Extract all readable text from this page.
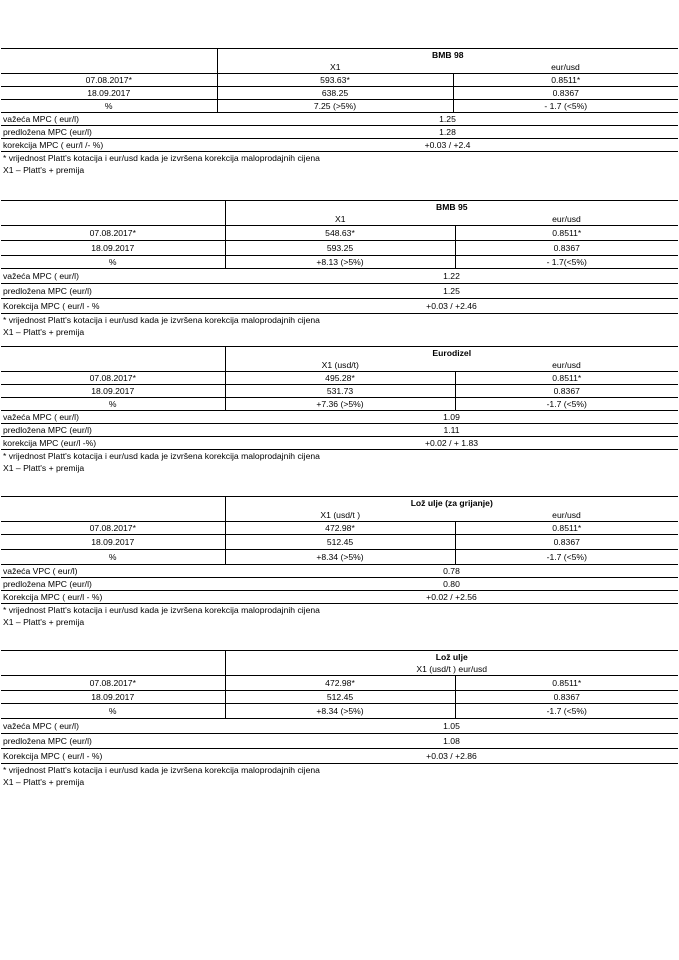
	BMB 98	
	X1	eur/usd
07.08.2017*	593.63*	0.8511*
18.09.2017	638.25	0.8367
%	7.25 (>5%)	- 1.7 (<5%)
važeća MPC ( eur/l)	1.25
predložena MPC (eur/l)	1.28
korekcija MPC ( eur/l /- %)	+0.03 / +2.4
* vrijednost Platt's kotacija i eur/usd kada je izvršena korekcija maloprodajnih cijena
X1 – Platt's + premija
	BMB 95	
	X1	eur/usd
07.08.2017*	548.63*	0.8511*
18.09.2017	593.25	0.8367
%	+8.13 (>5%)	- 1.7(<5%)
važeća MPC ( eur/l)	1.22
predložena MPC (eur/l)	1.25
Korekcija MPC ( eur/l - %	+0.03 / +2.46
* vrijednost Platt's kotacija i eur/usd kada je izvršena korekcija maloprodajnih cijena
X1 – Platt's + premija
	Eurodizel	
	X1 (usd/t)	eur/usd
07.08.2017*	495.28*	0.8511*
18.09.2017	531.73	0.8367
%	+7.36 (>5%)	-1.7 (<5%)
važeća MPC ( eur/l)	1.09
predložena MPC (eur/l)	1.11
korekcija MPC (eur/l -%)	+0.02 / + 1.83
* vrijednost Platt's kotacija i eur/usd kada je izvršena korekcija maloprodajnih cijena
X1 – Platt's + premija
	Lož ulje (za grijanje)	
	X1 (usd/t )	eur/usd
07.08.2017*	472.98*	0.8511*
18.09.2017	512.45	0.8367
%	+8.34 (>5%)	-1.7 (<5%)
važeća VPC ( eur/l)	0.78
predložena MPC (eur/l)	0.80
Korekcija MPC ( eur/l - %)	+0.02 / +2.56
* vrijednost Platt's kotacija i eur/usd kada je izvršena korekcija maloprodajnih cijena
X1 – Platt's + premija
	Lož ulje	
	X1 (usd/t ) eur/usd	
07.08.2017*	472.98*	0.8511*
18.09.2017	512.45	0.8367
%	+8.34 (>5%)	-1.7 (<5%)
važeća MPC ( eur/l)	1.05
predložena MPC (eur/l)	1.08
Korekcija MPC ( eur/l - %)	+0.03 / +2.86
* vrijednost Platt's kotacija i eur/usd kada je izvršena korekcija maloprodajnih cijena
X1 – Platt's + premija
